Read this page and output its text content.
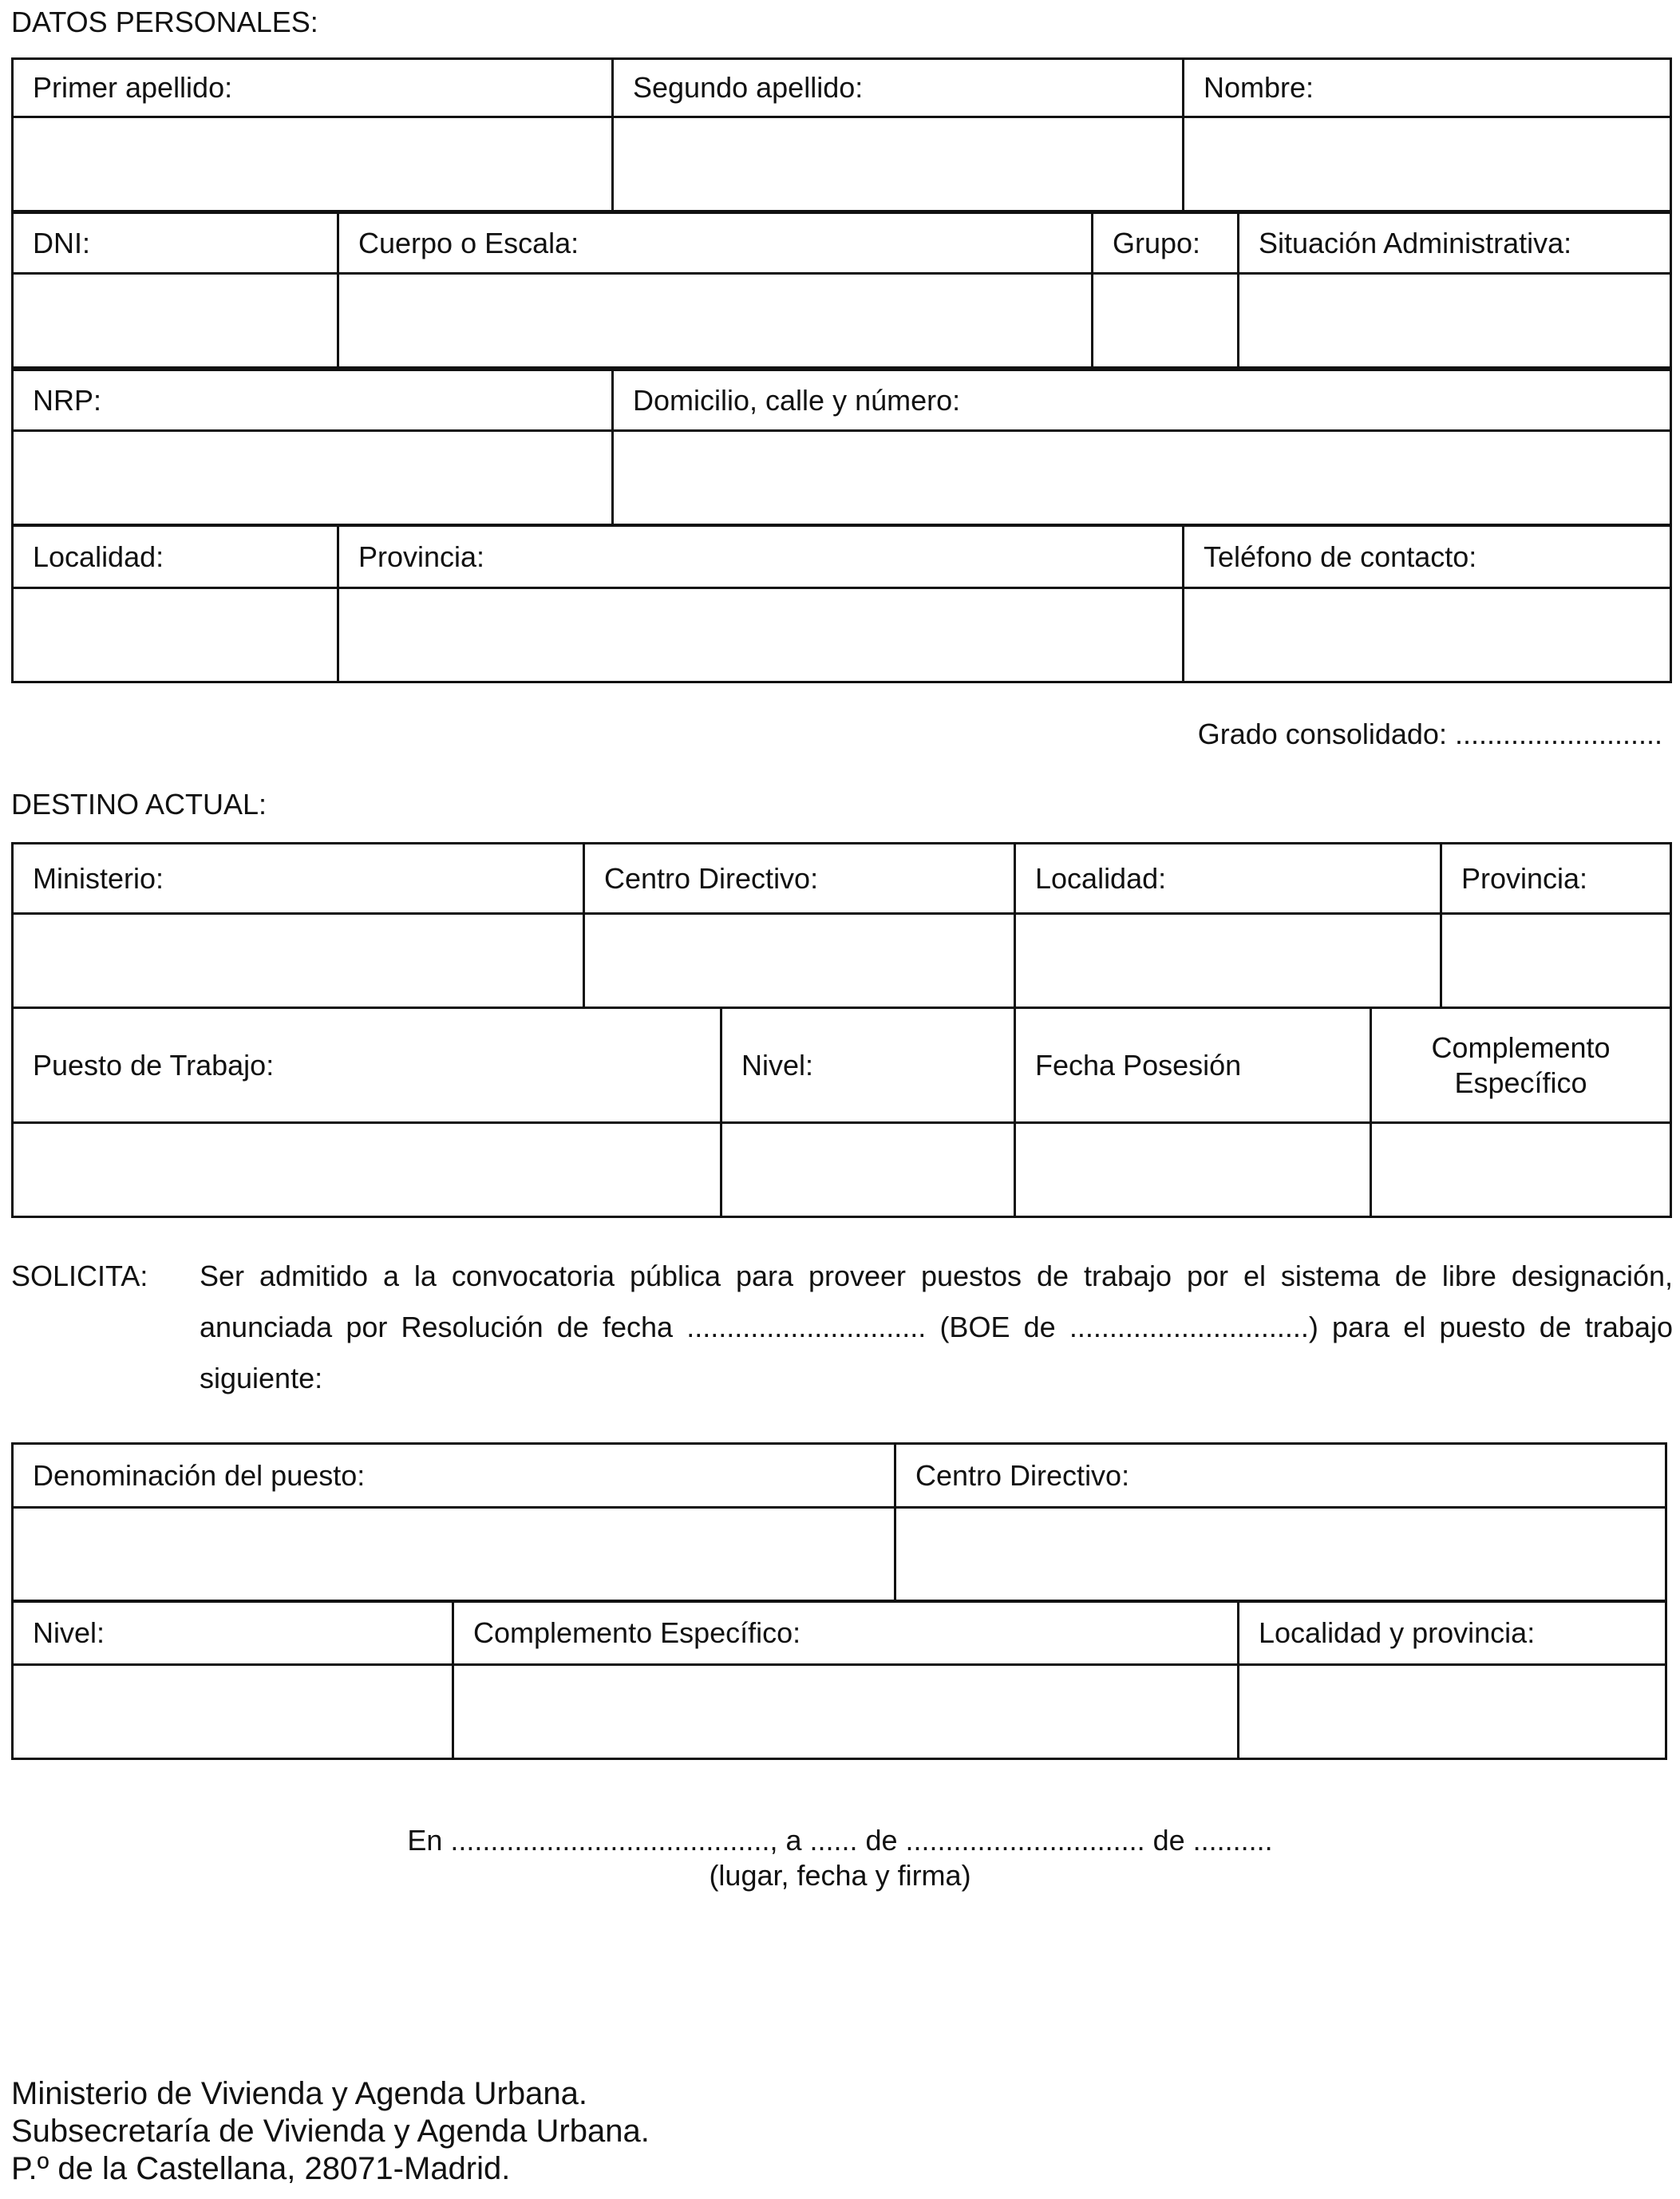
DATOS PERSONALES:
Primer apellido:	Segundo apellido:	Nombre:

DNI:	Cuerpo o Escala:	Grupo:	Situación Administrativa:

NRP:	Domicilio, calle y número:

Localidad:	Provincia:	Teléfono de contacto:

Grado consolidado: ..........................
DESTINO ACTUAL:
Ministerio:	Centro Directivo:	Localidad:	Provincia:

Puesto de Trabajo:	Nivel:	Fecha Posesión	Complemento
Específico

SOLICITA: Ser admitido a la convocatoria pública para proveer puestos de trabajo por el sistema de libre designación, anunciada por Resolución de fecha .............................. (BOE de ..............................) para el puesto de trabajo siguiente:
Denominación del puesto:	Centro Directivo:

Nivel:	Complemento Específico:	Localidad y provincia:

En ........................................, a ...... de .............................. de ..........
(lugar, fecha y firma)
Ministerio de Vivienda y Agenda Urbana.
Subsecretaría de Vivienda y Agenda Urbana.
P.º de la Castellana, 28071-Madrid.
